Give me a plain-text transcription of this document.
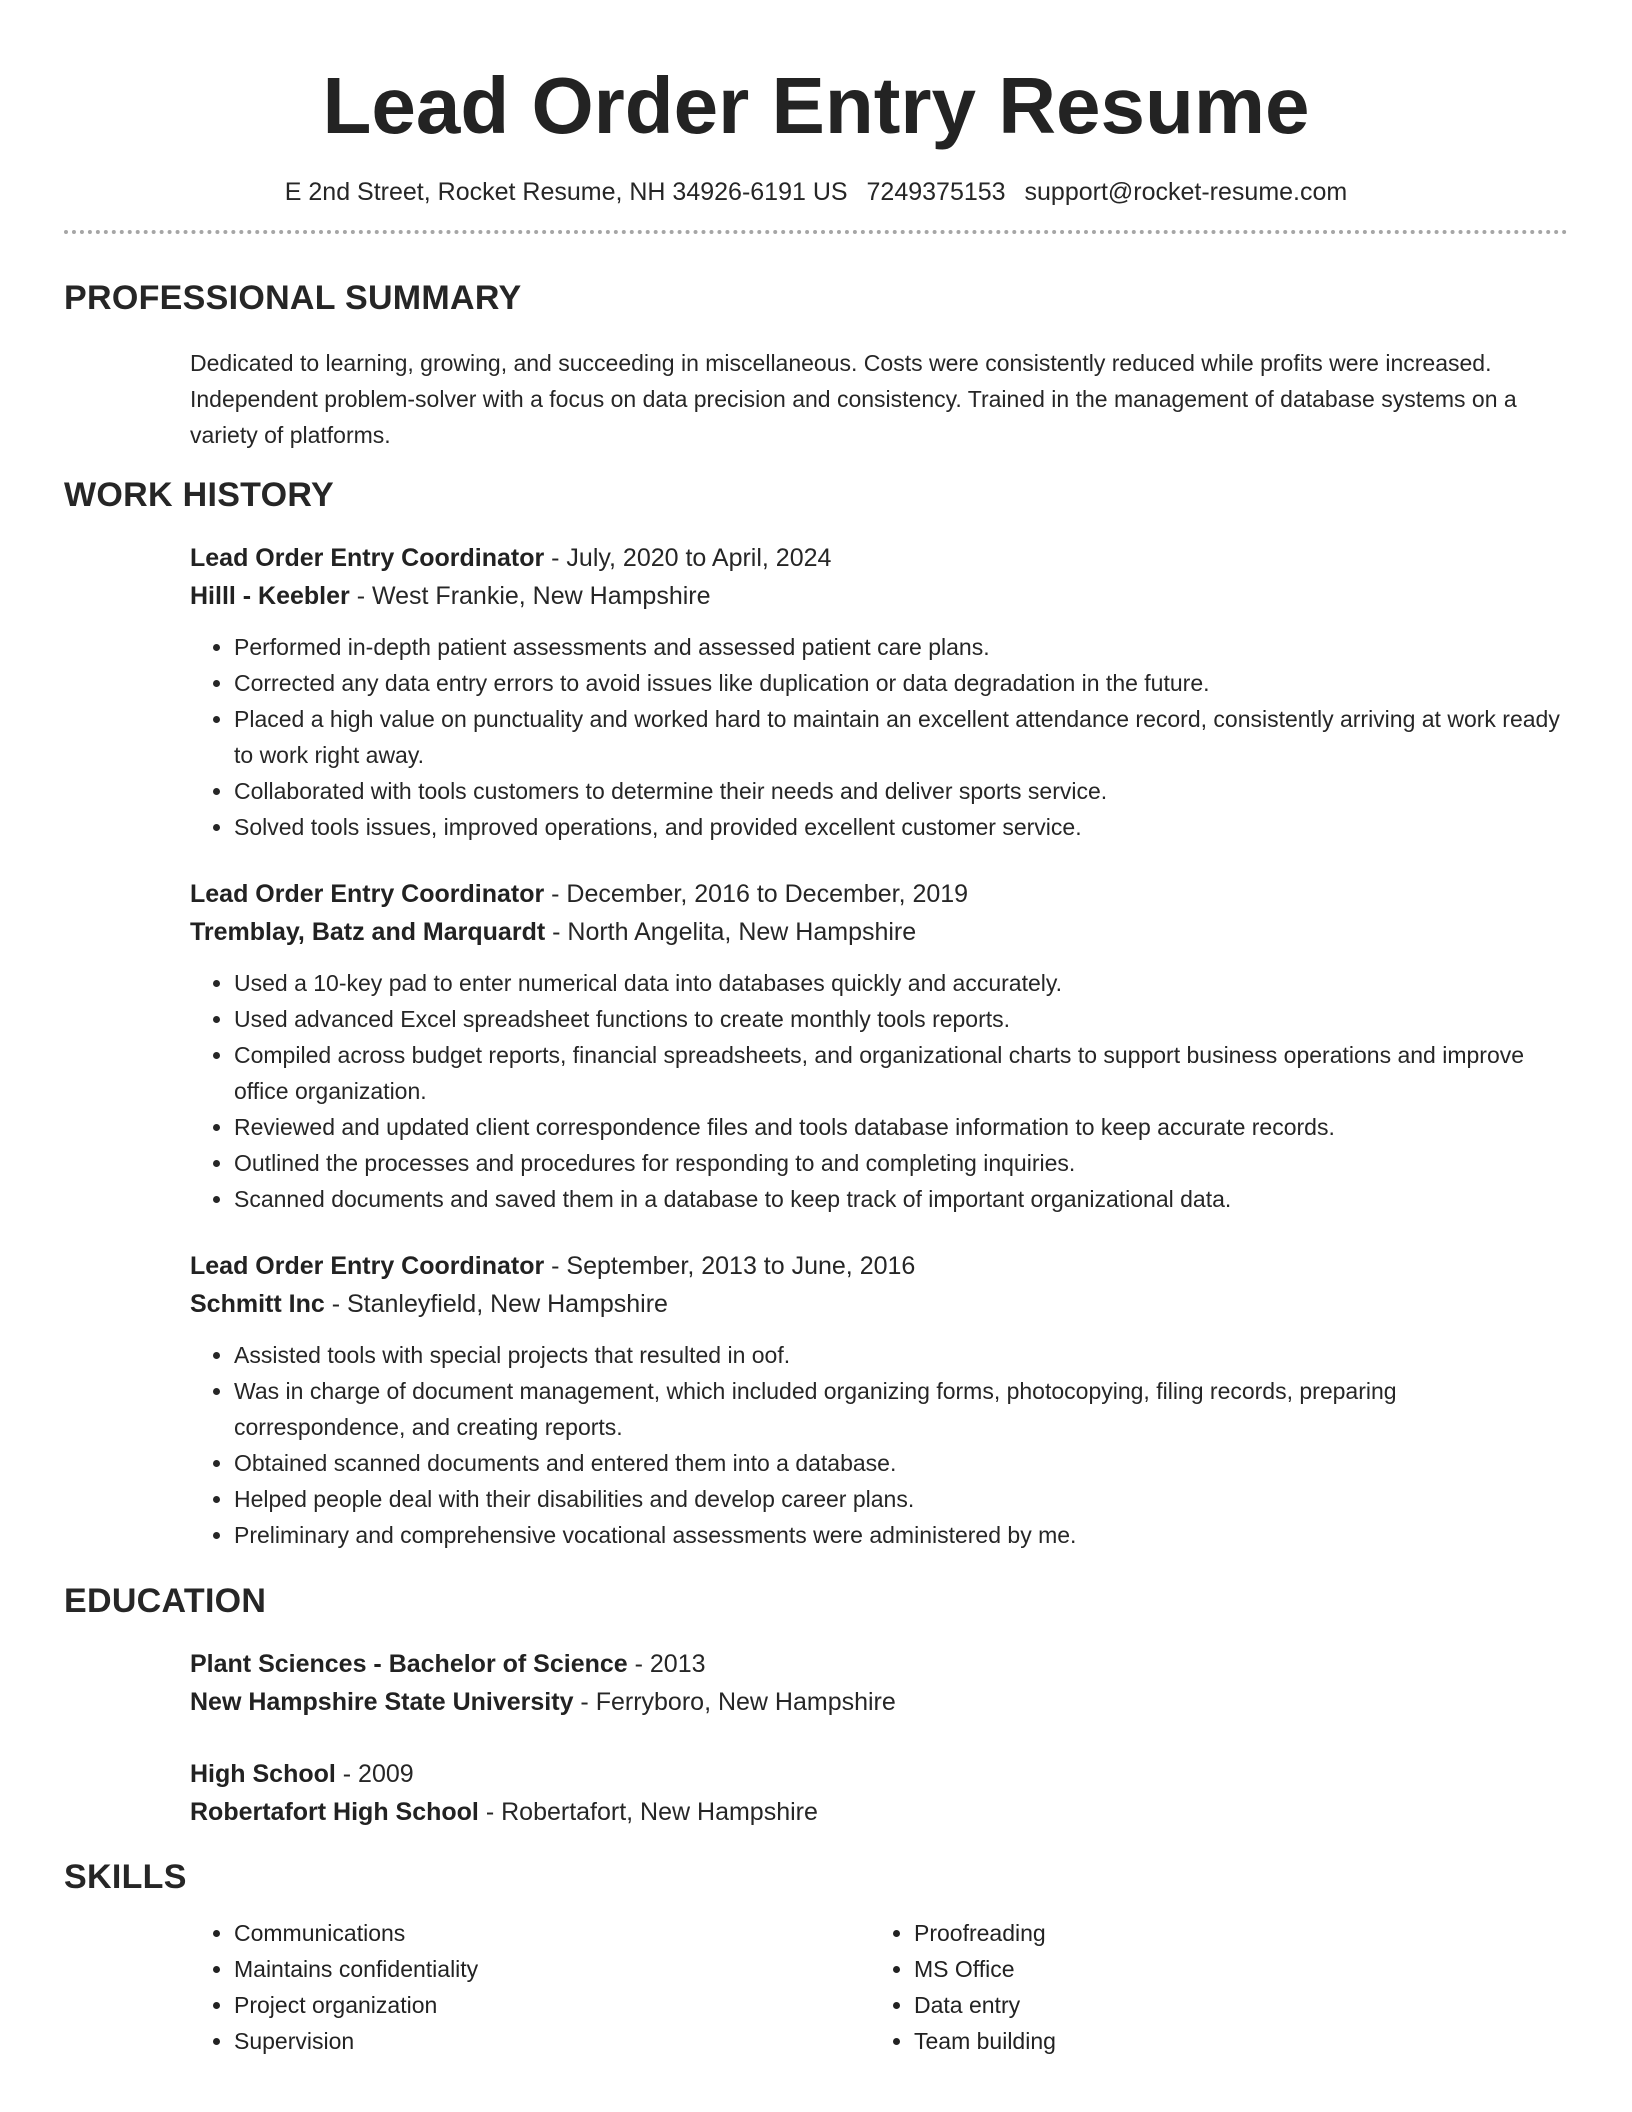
Lead Order Entry Resume
E 2nd Street, Rocket Resume, NH 34926-6191 US 7249375153 support@rocket-resume.com
PROFESSIONAL SUMMARY
Dedicated to learning, growing, and succeeding in miscellaneous. Costs were consistently reduced while profits were increased. Independent problem-solver with a focus on data precision and consistency. Trained in the management of database systems on a variety of platforms.
WORK HISTORY
Lead Order Entry Coordinator - July, 2020 to April, 2024
Hilll - Keebler - West Frankie, New Hampshire
• Performed in-depth patient assessments and assessed patient care plans.
• Corrected any data entry errors to avoid issues like duplication or data degradation in the future.
• Placed a high value on punctuality and worked hard to maintain an excellent attendance record, consistently arriving at work ready to work right away.
• Collaborated with tools customers to determine their needs and deliver sports service.
• Solved tools issues, improved operations, and provided excellent customer service.
Lead Order Entry Coordinator - December, 2016 to December, 2019
Tremblay, Batz and Marquardt - North Angelita, New Hampshire
• Used a 10-key pad to enter numerical data into databases quickly and accurately.
• Used advanced Excel spreadsheet functions to create monthly tools reports.
• Compiled across budget reports, financial spreadsheets, and organizational charts to support business operations and improve office organization.
• Reviewed and updated client correspondence files and tools database information to keep accurate records.
• Outlined the processes and procedures for responding to and completing inquiries.
• Scanned documents and saved them in a database to keep track of important organizational data.
Lead Order Entry Coordinator - September, 2013 to June, 2016
Schmitt Inc - Stanleyfield, New Hampshire
• Assisted tools with special projects that resulted in oof.
• Was in charge of document management, which included organizing forms, photocopying, filing records, preparing correspondence, and creating reports.
• Obtained scanned documents and entered them into a database.
• Helped people deal with their disabilities and develop career plans.
• Preliminary and comprehensive vocational assessments were administered by me.
EDUCATION
Plant Sciences - Bachelor of Science - 2013
New Hampshire State University - Ferryboro, New Hampshire
High School - 2009
Robertafort High School - Robertafort, New Hampshire
SKILLS
• Communications
• Maintains confidentiality
• Project organization
• Supervision
• Proofreading
• MS Office
• Data entry
• Team building
